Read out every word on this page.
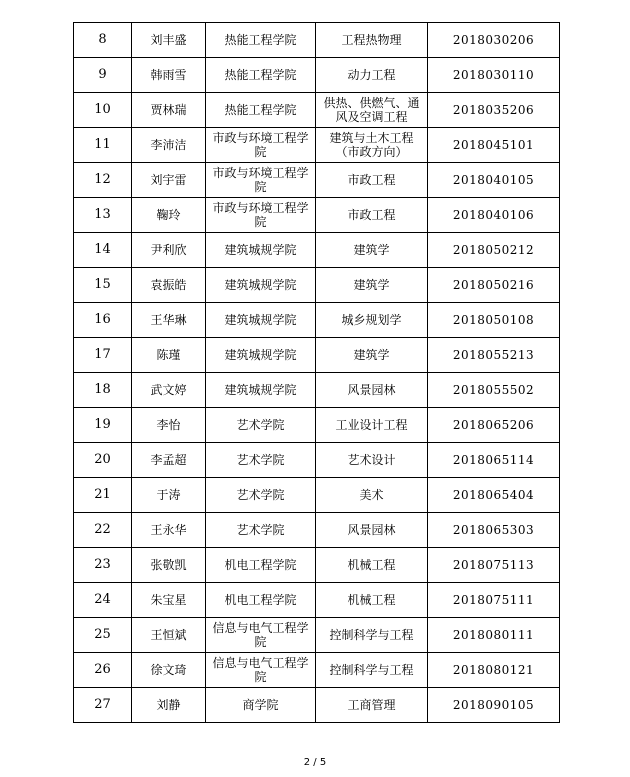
8	刘丰盛	热能工程学院	工程热物理	2018030206
9	韩雨雪	热能工程学院	动力工程	2018030110
10	贾林瑞	热能工程学院	供热、供燃气、通风及空调工程	2018035206
11	李沛洁	市政与环境工程学院	建筑与土木工程（市政方向）	2018045101
12	刘宇雷	市政与环境工程学院	市政工程	2018040105
13	鞠玲	市政与环境工程学院	市政工程	2018040106
14	尹利欣	建筑城规学院	建筑学	2018050212
15	袁振皓	建筑城规学院	建筑学	2018050216
16	王华琳	建筑城规学院	城乡规划学	2018050108
17	陈瑾	建筑城规学院	建筑学	2018055213
18	武文婷	建筑城规学院	风景园林	2018055502
19	李怡	艺术学院	工业设计工程	2018065206
20	李孟超	艺术学院	艺术设计	2018065114
21	于涛	艺术学院	美术	2018065404
22	王永华	艺术学院	风景园林	2018065303
23	张敬凯	机电工程学院	机械工程	2018075113
24	朱宝星	机电工程学院	机械工程	2018075111
25	王恒斌	信息与电气工程学院	控制科学与工程	2018080111
26	徐文琦	信息与电气工程学院	控制科学与工程	2018080121
27	刘静	商学院	工商管理	2018090105
2 / 5
